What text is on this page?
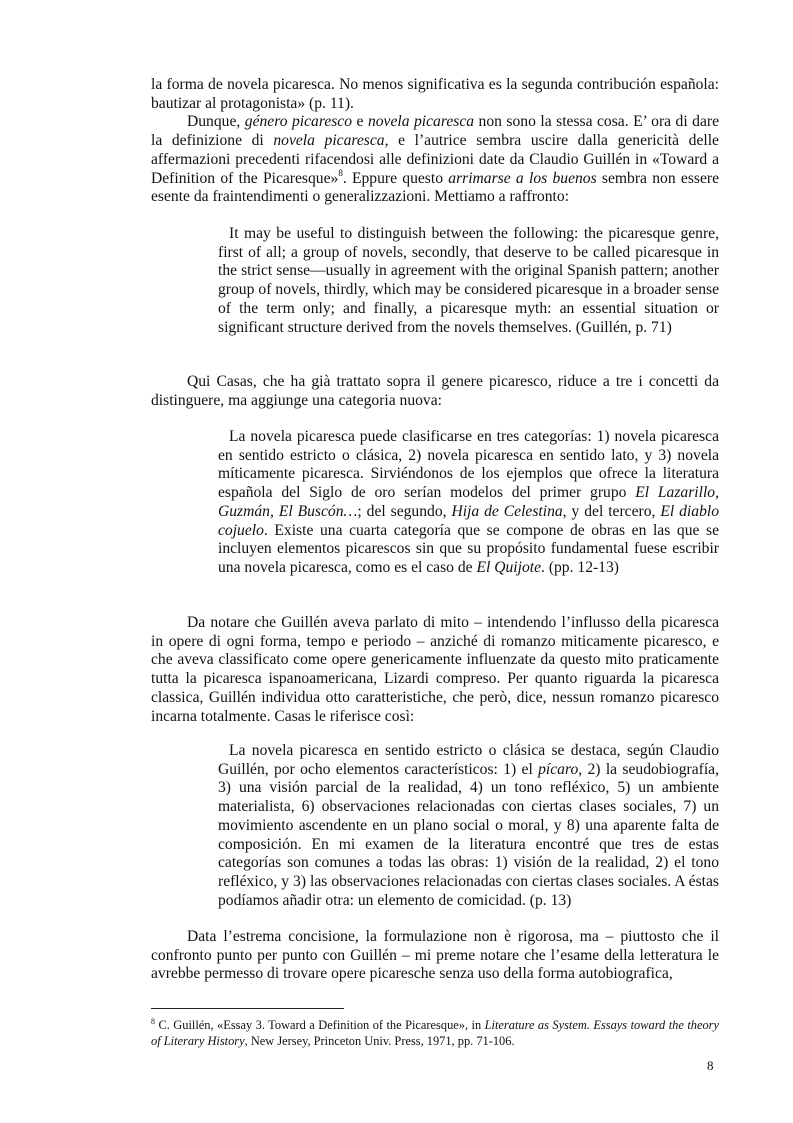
la forma de novela picaresca. No menos significativa es la segunda contribución española: bautizar al protagonista» (p. 11).

Dunque, género picaresco e novela picaresca non sono la stessa cosa. E’ ora di dare la definizione di novela picaresca, e l’autrice sembra uscire dalla genericità delle affermazioni precedenti rifacendosi alle definizioni date da Claudio Guillén in «Toward a Definition of the Picaresque»$^8$. Eppure questo arrimarse a los buenos sembra non essere esente da fraintendimenti o generalizzazioni. Mettiamo a raffronto:

It may be useful to distinguish between the following: the picaresque genre, first of all; a group of novels, secondly, that deserve to be called picaresque in the strict sense—usually in agreement with the original Spanish pattern; another group of novels, thirdly, which may be considered picaresque in a broader sense of the term only; and finally, a picaresque myth: an essential situation or significant structure derived from the novels themselves. (Guillén, p. 71)

Qui Casas, che ha già trattato sopra il genere picaresco, riduce a tre i concetti da distinguere, ma aggiunge una categoria nuova:

La novela picaresca puede clasificarse en tres categorías: 1) novela picaresca en sentido estricto o clásica, 2) novela picaresca en sentido lato, y 3) novela míticamente picaresca. Sirviéndonos de los ejemplos que ofrece la literatura española del Siglo de oro serían modelos del primer grupo El Lazarillo, Guzmán, El Buscón…; del segundo, Hija de Celestina, y del tercero, El diablo cojuelo. Existe una cuarta categoría que se compone de obras en las que se incluyen elementos picarescos sin que su propósito fundamental fuese escribir una novela picaresca, como es el caso de El Quijote. (pp. 12-13)

Da notare che Guillén aveva parlato di mito – intendendo l’influsso della picaresca in opere di ogni forma, tempo e periodo – anziché di romanzo miticamente picaresco, e che aveva classificato come opere genericamente influenzate da questo mito praticamente tutta la picaresca ispanoamericana, Lizardi compreso. Per quanto riguarda la picaresca classica, Guillén individua otto caratteristiche, che però, dice, nessun romanzo picaresco incarna totalmente. Casas le riferisce così:

La novela picaresca en sentido estricto o clásica se destaca, según Claudio Guillén, por ocho elementos característicos: 1) el pícaro, 2) la seudobiografía, 3) una visión parcial de la realidad, 4) un tono refléxico, 5) un ambiente materialista, 6) observaciones relacionadas con ciertas clases sociales, 7) un movimiento ascendente en un plano social o moral, y 8) una aparente falta de composición. En mi examen de la literatura encontré que tres de estas categorías son comunes a todas las obras: 1) visión de la realidad, 2) el tono refléxico, y 3) las observaciones relacionadas con ciertas clases sociales. A éstas podíamos añadir otra: un elemento de comicidad. (p. 13)

Data l’estrema concisione, la formulazione non è rigorosa, ma – piuttosto che il confronto punto per punto con Guillén – mi preme notare che l’esame della letteratura le avrebbe permesso di trovare opere picaresche senza uso della forma autobiografica,

$^8$ C. Guillén, «Essay 3. Toward a Definition of the Picaresque», in Literature as System. Essays toward the theory of Literary History, New Jersey, Princeton Univ. Press, 1971, pp. 71-106.
8
